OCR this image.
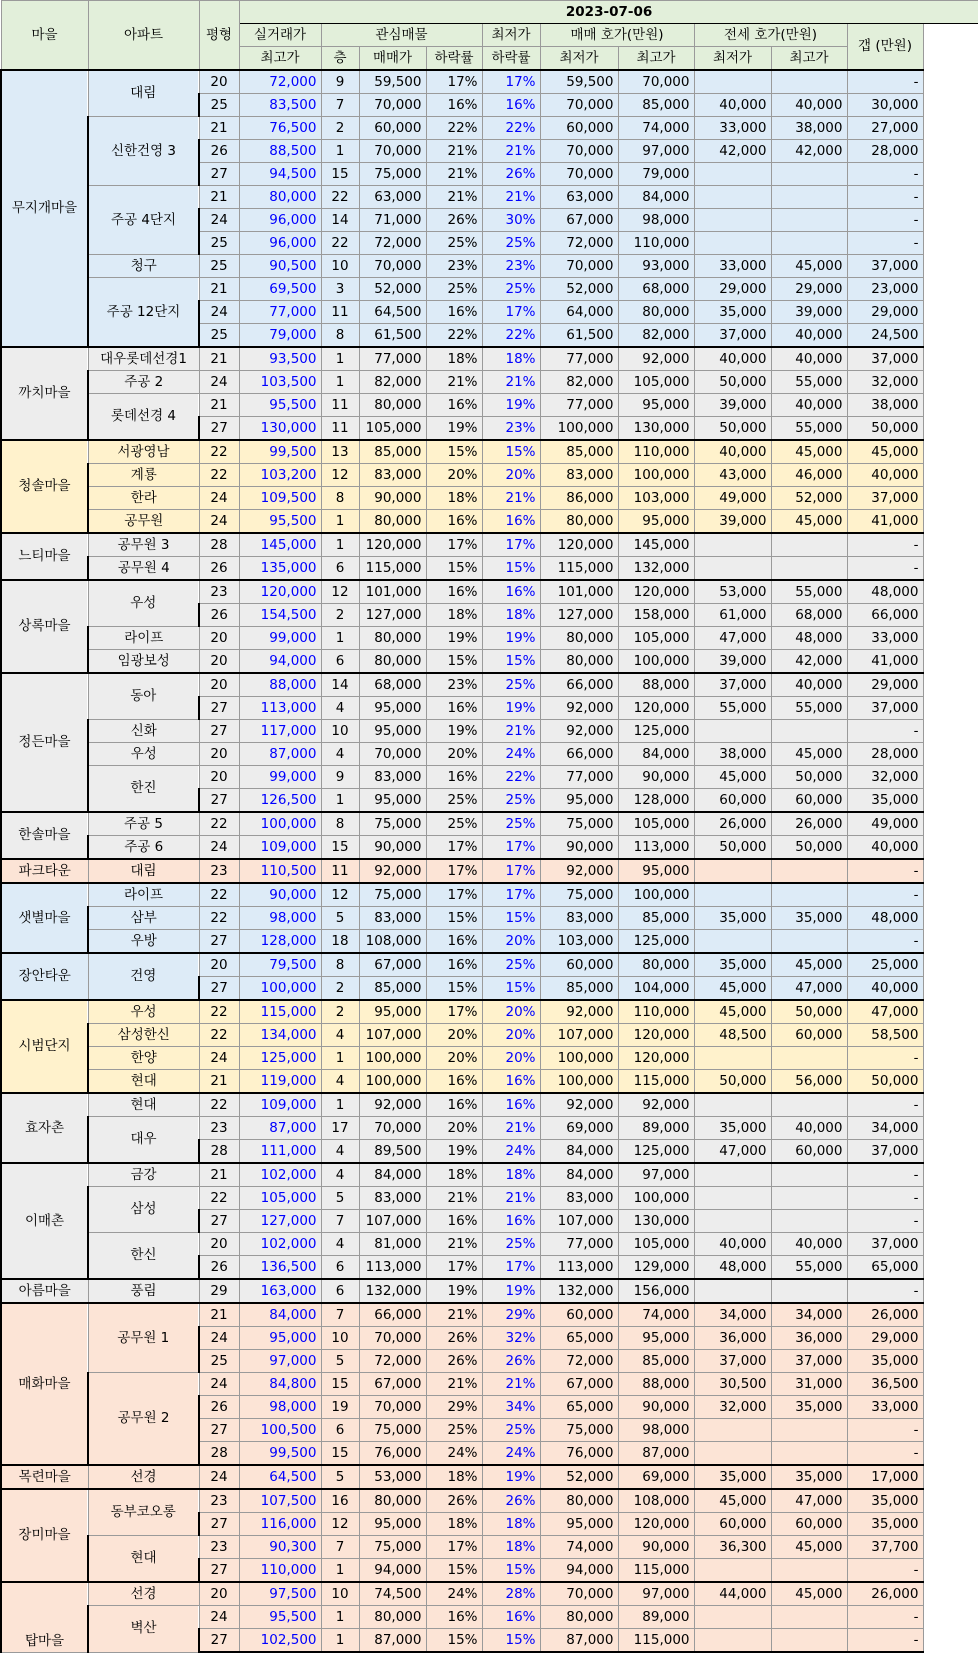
마을	아파트	평형	2023-07-06									
			실거래가	관심매물			최저가	매매 호가(만원)		전세 호가(만원)		갭 (만원)
			최고가	층	매매가	하락률	하락률	최저가	최고가	최저가	최고가	
무지개마을	대림	20	72,000	9	59,500	17%	17%	59,500	70,000			-
		25	83,500	7	70,000	16%	16%	70,000	85,000	40,000	40,000	30,000
	신한건영 3	21	76,500	2	60,000	22%	22%	60,000	74,000	33,000	38,000	27,000
		26	88,500	1	70,000	21%	21%	70,000	97,000	42,000	42,000	28,000
		27	94,500	15	75,000	21%	26%	70,000	79,000			-
	주공 4단지	21	80,000	22	63,000	21%	21%	63,000	84,000			-
		24	96,000	14	71,000	26%	30%	67,000	98,000			-
		25	96,000	22	72,000	25%	25%	72,000	110,000			-
	청구	25	90,500	10	70,000	23%	23%	70,000	93,000	33,000	45,000	37,000
	주공 12단지	21	69,500	3	52,000	25%	25%	52,000	68,000	29,000	29,000	23,000
		24	77,000	11	64,500	16%	17%	64,000	80,000	35,000	39,000	29,000
		25	79,000	8	61,500	22%	22%	61,500	82,000	37,000	40,000	24,500
까치마을	대우롯데선경1	21	93,500	1	77,000	18%	18%	77,000	92,000	40,000	40,000	37,000
	주공 2	24	103,500	1	82,000	21%	21%	82,000	105,000	50,000	55,000	32,000
	롯데선경 4	21	95,500	11	80,000	16%	19%	77,000	95,000	39,000	40,000	38,000
		27	130,000	11	105,000	19%	23%	100,000	130,000	50,000	55,000	50,000
청솔마을	서광영남	22	99,500	13	85,000	15%	15%	85,000	110,000	40,000	45,000	45,000
	계룡	22	103,200	12	83,000	20%	20%	83,000	100,000	43,000	46,000	40,000
	한라	24	109,500	8	90,000	18%	21%	86,000	103,000	49,000	52,000	37,000
	공무원	24	95,500	1	80,000	16%	16%	80,000	95,000	39,000	45,000	41,000
느티마을	공무원 3	28	145,000	1	120,000	17%	17%	120,000	145,000			-
	공무원 4	26	135,000	6	115,000	15%	15%	115,000	132,000			-
상록마을	우성	23	120,000	12	101,000	16%	16%	101,000	120,000	53,000	55,000	48,000
		26	154,500	2	127,000	18%	18%	127,000	158,000	61,000	68,000	66,000
	라이프	20	99,000	1	80,000	19%	19%	80,000	105,000	47,000	48,000	33,000
	임광보성	20	94,000	6	80,000	15%	15%	80,000	100,000	39,000	42,000	41,000
정든마을	동아	20	88,000	14	68,000	23%	25%	66,000	88,000	37,000	40,000	29,000
		27	113,000	4	95,000	16%	19%	92,000	120,000	55,000	55,000	37,000
	신화	27	117,000	10	95,000	19%	21%	92,000	125,000			-
	우성	20	87,000	4	70,000	20%	24%	66,000	84,000	38,000	45,000	28,000
	한진	20	99,000	9	83,000	16%	22%	77,000	90,000	45,000	50,000	32,000
		27	126,500	1	95,000	25%	25%	95,000	128,000	60,000	60,000	35,000
한솔마을	주공 5	22	100,000	8	75,000	25%	25%	75,000	105,000	26,000	26,000	49,000
	주공 6	24	109,000	15	90,000	17%	17%	90,000	113,000	50,000	50,000	40,000
파크타운	대림	23	110,500	11	92,000	17%	17%	92,000	95,000			-
샛별마을	라이프	22	90,000	12	75,000	17%	17%	75,000	100,000			-
	삼부	22	98,000	5	83,000	15%	15%	83,000	85,000	35,000	35,000	48,000
	우방	27	128,000	18	108,000	16%	20%	103,000	125,000			-
장안타운	건영	20	79,500	8	67,000	16%	25%	60,000	80,000	35,000	45,000	25,000
		27	100,000	2	85,000	15%	15%	85,000	104,000	45,000	47,000	40,000
시범단지	우성	22	115,000	2	95,000	17%	20%	92,000	110,000	45,000	50,000	47,000
	삼성한신	22	134,000	4	107,000	20%	20%	107,000	120,000	48,500	60,000	58,500
	한양	24	125,000	1	100,000	20%	20%	100,000	120,000			-
	현대	21	119,000	4	100,000	16%	16%	100,000	115,000	50,000	56,000	50,000
효자촌	현대	22	109,000	1	92,000	16%	16%	92,000	92,000			-
	대우	23	87,000	17	70,000	20%	21%	69,000	89,000	35,000	40,000	34,000
		28	111,000	4	89,500	19%	24%	84,000	125,000	47,000	60,000	37,000
이매촌	금강	21	102,000	4	84,000	18%	18%	84,000	97,000			-
	삼성	22	105,000	5	83,000	21%	21%	83,000	100,000			-
		27	127,000	7	107,000	16%	16%	107,000	130,000			-
	한신	20	102,000	4	81,000	21%	25%	77,000	105,000	40,000	40,000	37,000
		26	136,500	6	113,000	17%	17%	113,000	129,000	48,000	55,000	65,000
아름마을	풍림	29	163,000	6	132,000	19%	19%	132,000	156,000			-
매화마을	공무원 1	21	84,000	7	66,000	21%	29%	60,000	74,000	34,000	34,000	26,000
		24	95,000	10	70,000	26%	32%	65,000	95,000	36,000	36,000	29,000
		25	97,000	5	72,000	26%	26%	72,000	85,000	37,000	37,000	35,000
	공무원 2	24	84,800	15	67,000	21%	21%	67,000	88,000	30,500	31,000	36,500
		26	98,000	19	70,000	29%	34%	65,000	90,000	32,000	35,000	33,000
		27	100,500	6	75,000	25%	25%	75,000	98,000			-
		28	99,500	15	76,000	24%	24%	76,000	87,000			-
목련마을	선경	24	64,500	5	53,000	18%	19%	52,000	69,000	35,000	35,000	17,000
장미마을	동부코오롱	23	107,500	16	80,000	26%	26%	80,000	108,000	45,000	47,000	35,000
		27	116,000	12	95,000	18%	18%	95,000	120,000	60,000	60,000	35,000
	현대	23	90,300	7	75,000	17%	18%	74,000	90,000	36,300	45,000	37,700
		27	110,000	1	94,000	15%	15%	94,000	115,000			-
탑마을	선경	20	97,500	10	74,500	24%	28%	70,000	97,000	44,000	45,000	26,000
	벽산	24	95,500	1	80,000	16%	16%	80,000	89,000			-
		27	102,500	1	87,000	15%	15%	87,000	115,000			-
